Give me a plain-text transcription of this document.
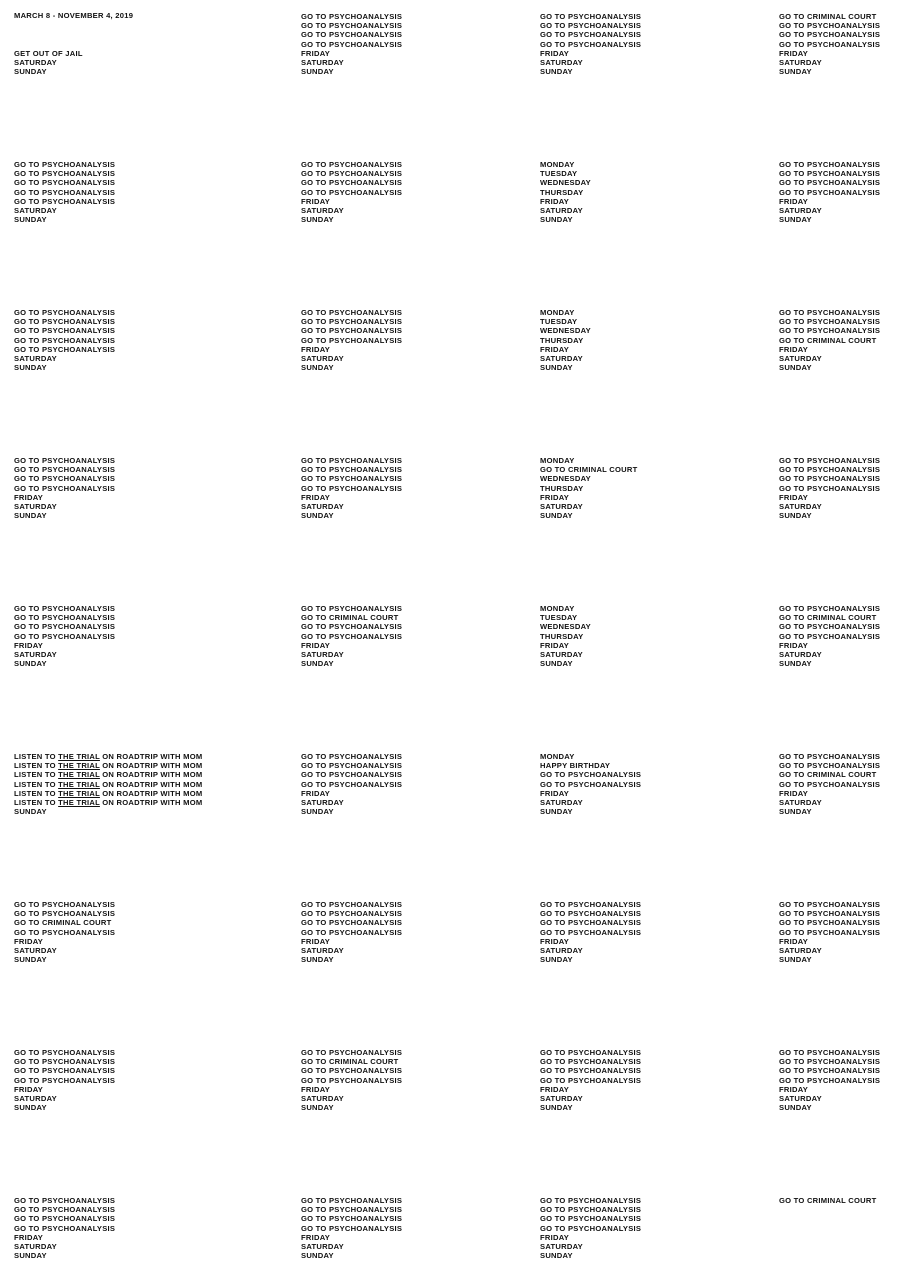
MARCH 8 - NOVEMBER 4, 2019
GET OUT OF JAIL
SATURDAY
SUNDAY
GO TO PSYCHOANALYSIS
GO TO PSYCHOANALYSIS
GO TO PSYCHOANALYSIS
GO TO PSYCHOANALYSIS
FRIDAY
SATURDAY
SUNDAY
GO TO PSYCHOANALYSIS
GO TO PSYCHOANALYSIS
GO TO PSYCHOANALYSIS
GO TO PSYCHOANALYSIS
FRIDAY
SATURDAY
SUNDAY
GO TO CRIMINAL COURT
GO TO PSYCHOANALYSIS
GO TO PSYCHOANALYSIS
GO TO PSYCHOANALYSIS
FRIDAY
SATURDAY
SUNDAY
GO TO PSYCHOANALYSIS
GO TO PSYCHOANALYSIS
GO TO PSYCHOANALYSIS
GO TO PSYCHOANALYSIS
GO TO PSYCHOANALYSIS
SATURDAY
SUNDAY
GO TO PSYCHOANALYSIS
GO TO PSYCHOANALYSIS
GO TO PSYCHOANALYSIS
GO TO PSYCHOANALYSIS
FRIDAY
SATURDAY
SUNDAY
MONDAY
TUESDAY
WEDNESDAY
THURSDAY
FRIDAY
SATURDAY
SUNDAY
GO TO PSYCHOANALYSIS
GO TO PSYCHOANALYSIS
GO TO PSYCHOANALYSIS
GO TO PSYCHOANALYSIS
FRIDAY
SATURDAY
SUNDAY
GO TO PSYCHOANALYSIS
GO TO PSYCHOANALYSIS
GO TO PSYCHOANALYSIS
GO TO PSYCHOANALYSIS
GO TO PSYCHOANALYSIS
SATURDAY
SUNDAY
GO TO PSYCHOANALYSIS
GO TO PSYCHOANALYSIS
GO TO PSYCHOANALYSIS
GO TO PSYCHOANALYSIS
FRIDAY
SATURDAY
SUNDAY
MONDAY
TUESDAY
WEDNESDAY
THURSDAY
FRIDAY
SATURDAY
SUNDAY
GO TO PSYCHOANALYSIS
GO TO PSYCHOANALYSIS
GO TO PSYCHOANALYSIS
GO TO CRIMINAL COURT
FRIDAY
SATURDAY
SUNDAY
GO TO PSYCHOANALYSIS
GO TO PSYCHOANALYSIS
GO TO PSYCHOANALYSIS
GO TO PSYCHOANALYSIS
FRIDAY
SATURDAY
SUNDAY
GO TO PSYCHOANALYSIS
GO TO PSYCHOANALYSIS
GO TO PSYCHOANALYSIS
GO TO PSYCHOANALYSIS
FRIDAY
SATURDAY
SUNDAY
MONDAY
GO TO CRIMINAL COURT
WEDNESDAY
THURSDAY
FRIDAY
SATURDAY
SUNDAY
GO TO PSYCHOANALYSIS
GO TO PSYCHOANALYSIS
GO TO PSYCHOANALYSIS
GO TO PSYCHOANALYSIS
FRIDAY
SATURDAY
SUNDAY
GO TO PSYCHOANALYSIS
GO TO PSYCHOANALYSIS
GO TO PSYCHOANALYSIS
GO TO PSYCHOANALYSIS
FRIDAY
SATURDAY
SUNDAY
GO TO PSYCHOANALYSIS
GO TO CRIMINAL COURT
GO TO PSYCHOANALYSIS
GO TO PSYCHOANALYSIS
FRIDAY
SATURDAY
SUNDAY
MONDAY
TUESDAY
WEDNESDAY
THURSDAY
FRIDAY
SATURDAY
SUNDAY
GO TO PSYCHOANALYSIS
GO TO CRIMINAL COURT
GO TO PSYCHOANALYSIS
GO TO PSYCHOANALYSIS
FRIDAY
SATURDAY
SUNDAY
LISTEN TO THE TRIAL ON ROADTRIP WITH MOM
LISTEN TO THE TRIAL ON ROADTRIP WITH MOM
LISTEN TO THE TRIAL ON ROADTRIP WITH MOM
LISTEN TO THE TRIAL ON ROADTRIP WITH MOM
LISTEN TO THE TRIAL ON ROADTRIP WITH MOM
LISTEN TO THE TRIAL ON ROADTRIP WITH MOM
SUNDAY
GO TO PSYCHOANALYSIS
GO TO PSYCHOANALYSIS
GO TO PSYCHOANALYSIS
GO TO PSYCHOANALYSIS
FRIDAY
SATURDAY
SUNDAY
MONDAY
HAPPY BIRTHDAY
GO TO PSYCHOANALYSIS
GO TO PSYCHOANALYSIS
FRIDAY
SATURDAY
SUNDAY
GO TO PSYCHOANALYSIS
GO TO PSYCHOANALYSIS
GO TO CRIMINAL COURT
GO TO PSYCHOANALYSIS
FRIDAY
SATURDAY
SUNDAY
GO TO PSYCHOANALYSIS
GO TO PSYCHOANALYSIS
GO TO CRIMINAL COURT
GO TO PSYCHOANALYSIS
FRIDAY
SATURDAY
SUNDAY
GO TO PSYCHOANALYSIS
GO TO PSYCHOANALYSIS
GO TO PSYCHOANALYSIS
GO TO PSYCHOANALYSIS
FRIDAY
SATURDAY
SUNDAY
GO TO PSYCHOANALYSIS
GO TO PSYCHOANALYSIS
GO TO PSYCHOANALYSIS
GO TO PSYCHOANALYSIS
FRIDAY
SATURDAY
SUNDAY
GO TO PSYCHOANALYSIS
GO TO PSYCHOANALYSIS
GO TO PSYCHOANALYSIS
GO TO PSYCHOANALYSIS
FRIDAY
SATURDAY
SUNDAY
GO TO PSYCHOANALYSIS
GO TO PSYCHOANALYSIS
GO TO PSYCHOANALYSIS
GO TO PSYCHOANALYSIS
FRIDAY
SATURDAY
SUNDAY
GO TO PSYCHOANALYSIS
GO TO CRIMINAL COURT
GO TO PSYCHOANALYSIS
GO TO PSYCHOANALYSIS
FRIDAY
SATURDAY
SUNDAY
GO TO PSYCHOANALYSIS
GO TO PSYCHOANALYSIS
GO TO PSYCHOANALYSIS
GO TO PSYCHOANALYSIS
FRIDAY
SATURDAY
SUNDAY
GO TO PSYCHOANALYSIS
GO TO PSYCHOANALYSIS
GO TO PSYCHOANALYSIS
GO TO PSYCHOANALYSIS
FRIDAY
SATURDAY
SUNDAY
GO TO PSYCHOANALYSIS
GO TO PSYCHOANALYSIS
GO TO PSYCHOANALYSIS
GO TO PSYCHOANALYSIS
FRIDAY
SATURDAY
SUNDAY
GO TO PSYCHOANALYSIS
GO TO PSYCHOANALYSIS
GO TO PSYCHOANALYSIS
GO TO PSYCHOANALYSIS
FRIDAY
SATURDAY
SUNDAY
GO TO PSYCHOANALYSIS
GO TO PSYCHOANALYSIS
GO TO PSYCHOANALYSIS
GO TO PSYCHOANALYSIS
FRIDAY
SATURDAY
SUNDAY
GO TO CRIMINAL COURT
